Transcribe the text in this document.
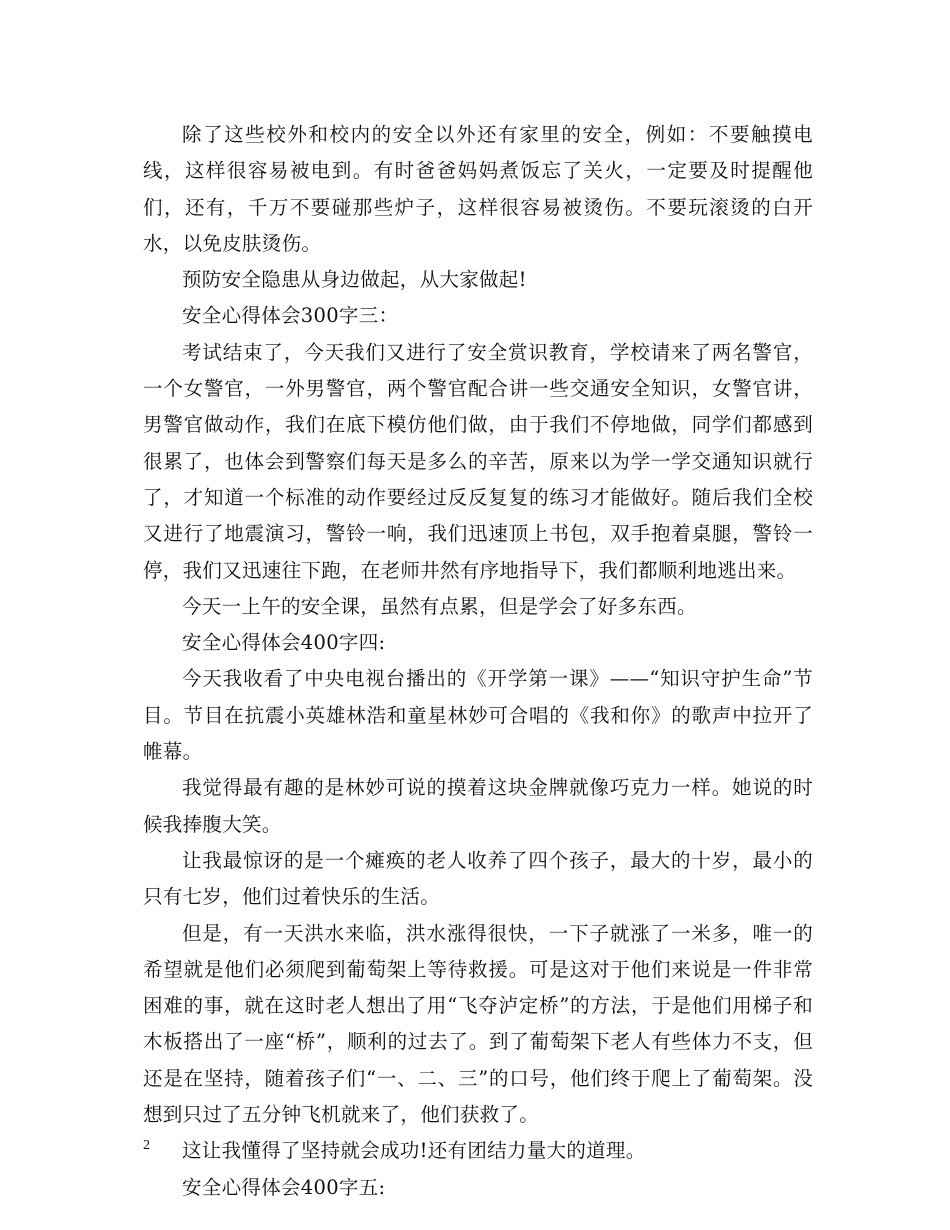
除了这些校外和校内的安全以外还有家里的安全，例如：不要触摸电线，这样很容易被电到。有时爸爸妈妈煮饭忘了关火，一定要及时提醒他们，还有，千万不要碰那些炉子，这样很容易被烫伤。不要玩滚烫的白开水，以免皮肤烫伤。

预防安全隐患从身边做起，从大家做起!

安全心得体会300字三：

考试结束了，今天我们又进行了安全赏识教育，学校请来了两名警官，一个女警官，一外男警官，两个警官配合讲一些交通安全知识，女警官讲，男警官做动作，我们在底下模仿他们做，由于我们不停地做，同学们都感到很累了，也体会到警察们每天是多么的辛苦，原来以为学一学交通知识就行了，才知道一个标准的动作要经过反反复复的练习才能做好。随后我们全校又进行了地震演习，警铃一响，我们迅速顶上书包，双手抱着桌腿，警铃一停，我们又迅速往下跑，在老师井然有序地指导下，我们都顺利地逃出来。

今天一上午的安全课，虽然有点累，但是学会了好多东西。

安全心得体会400字四:

今天我收看了中央电视台播出的《开学第一课》——“知识守护生命”节目。节目在抗震小英雄林浩和童星林妙可合唱的《我和你》的歌声中拉开了帷幕。

我觉得最有趣的是林妙可说的摸着这块金牌就像巧克力一样。她说的时候我捧腹大笑。

让我最惊讶的是一个瘫痪的老人收养了四个孩子，最大的十岁，最小的只有七岁，他们过着快乐的生活。

但是，有一天洪水来临，洪水涨得很快，一下子就涨了一米多，唯一的希望就是他们必须爬到葡萄架上等待救援。可是这对于他们来说是一件非常困难的事，就在这时老人想出了用“飞夺泸定桥”的方法，于是他们用梯子和木板搭出了一座“桥”，顺利的过去了。到了葡萄架下老人有些体力不支，但还是在坚持，随着孩子们“一、二、三”的口号，他们终于爬上了葡萄架。没想到只过了五分钟飞机就来了，他们获救了。

这让我懂得了坚持就会成功!还有团结力量大的道理。

安全心得体会400字五:

2
